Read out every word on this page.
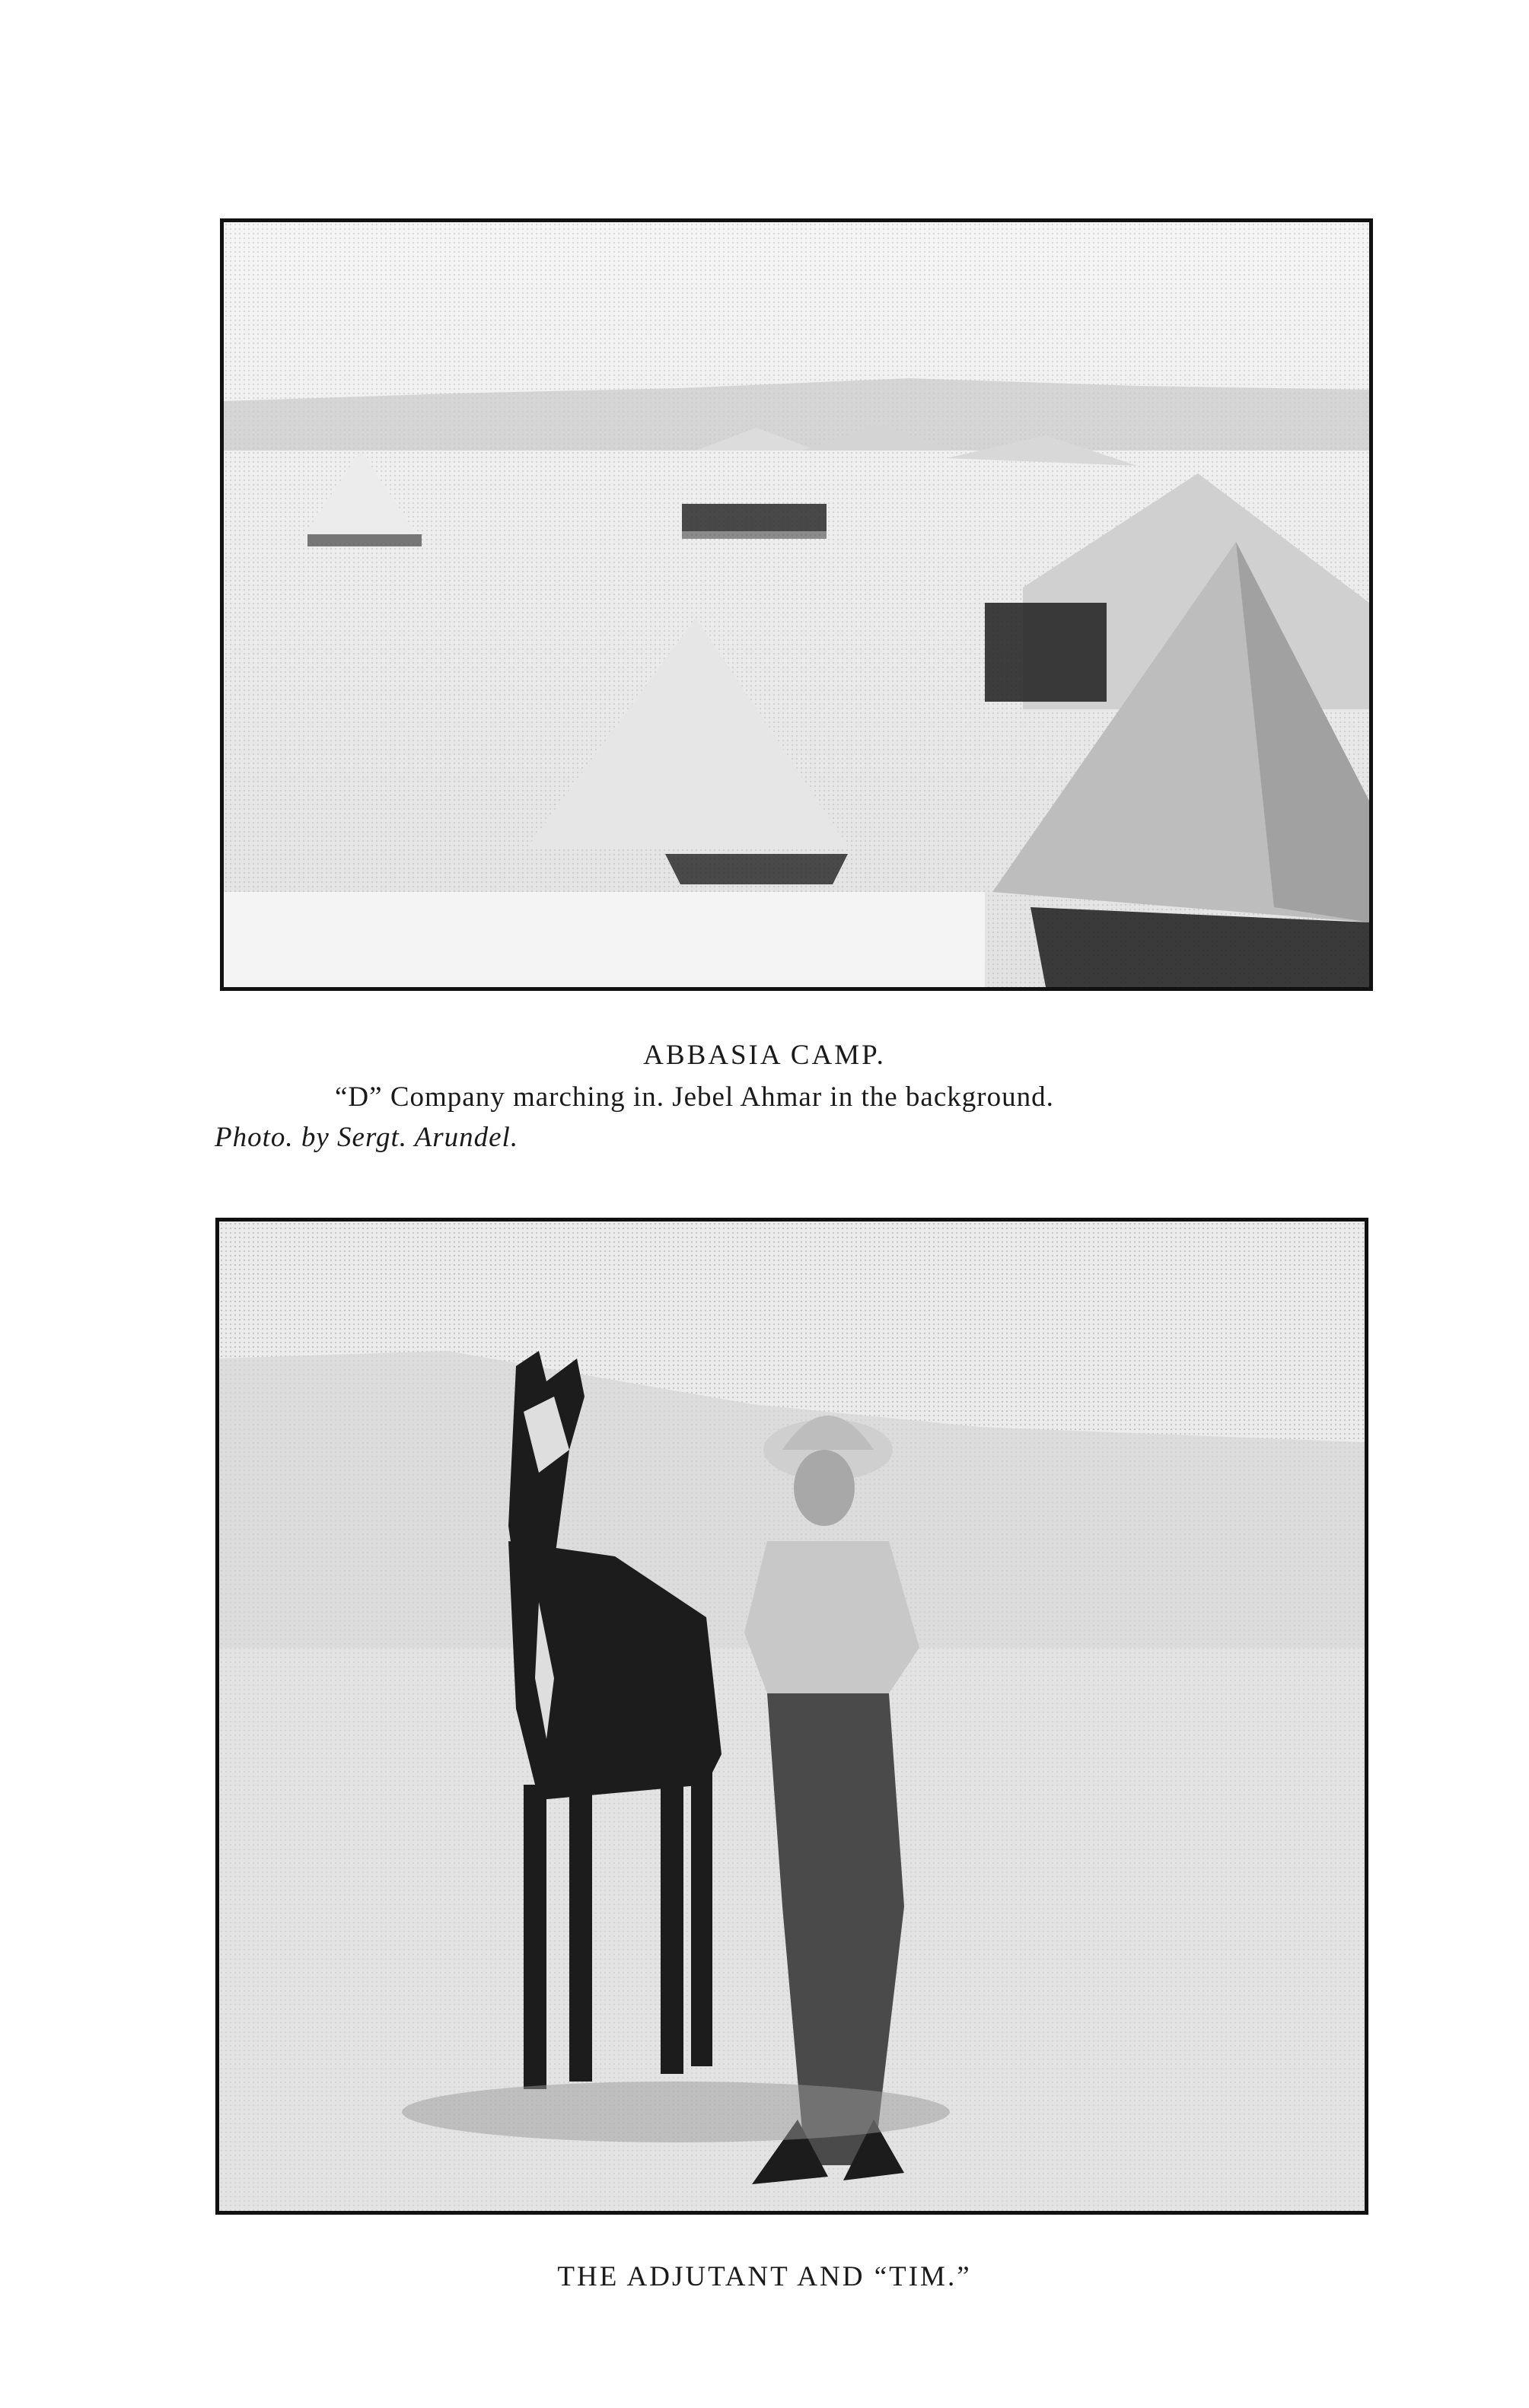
ABBASIA CAMP.
“D” Company marching in. Jebel Ahmar in the background.
Photo. by Sergt. Arundel.
THE ADJUTANT AND “TIM.”
